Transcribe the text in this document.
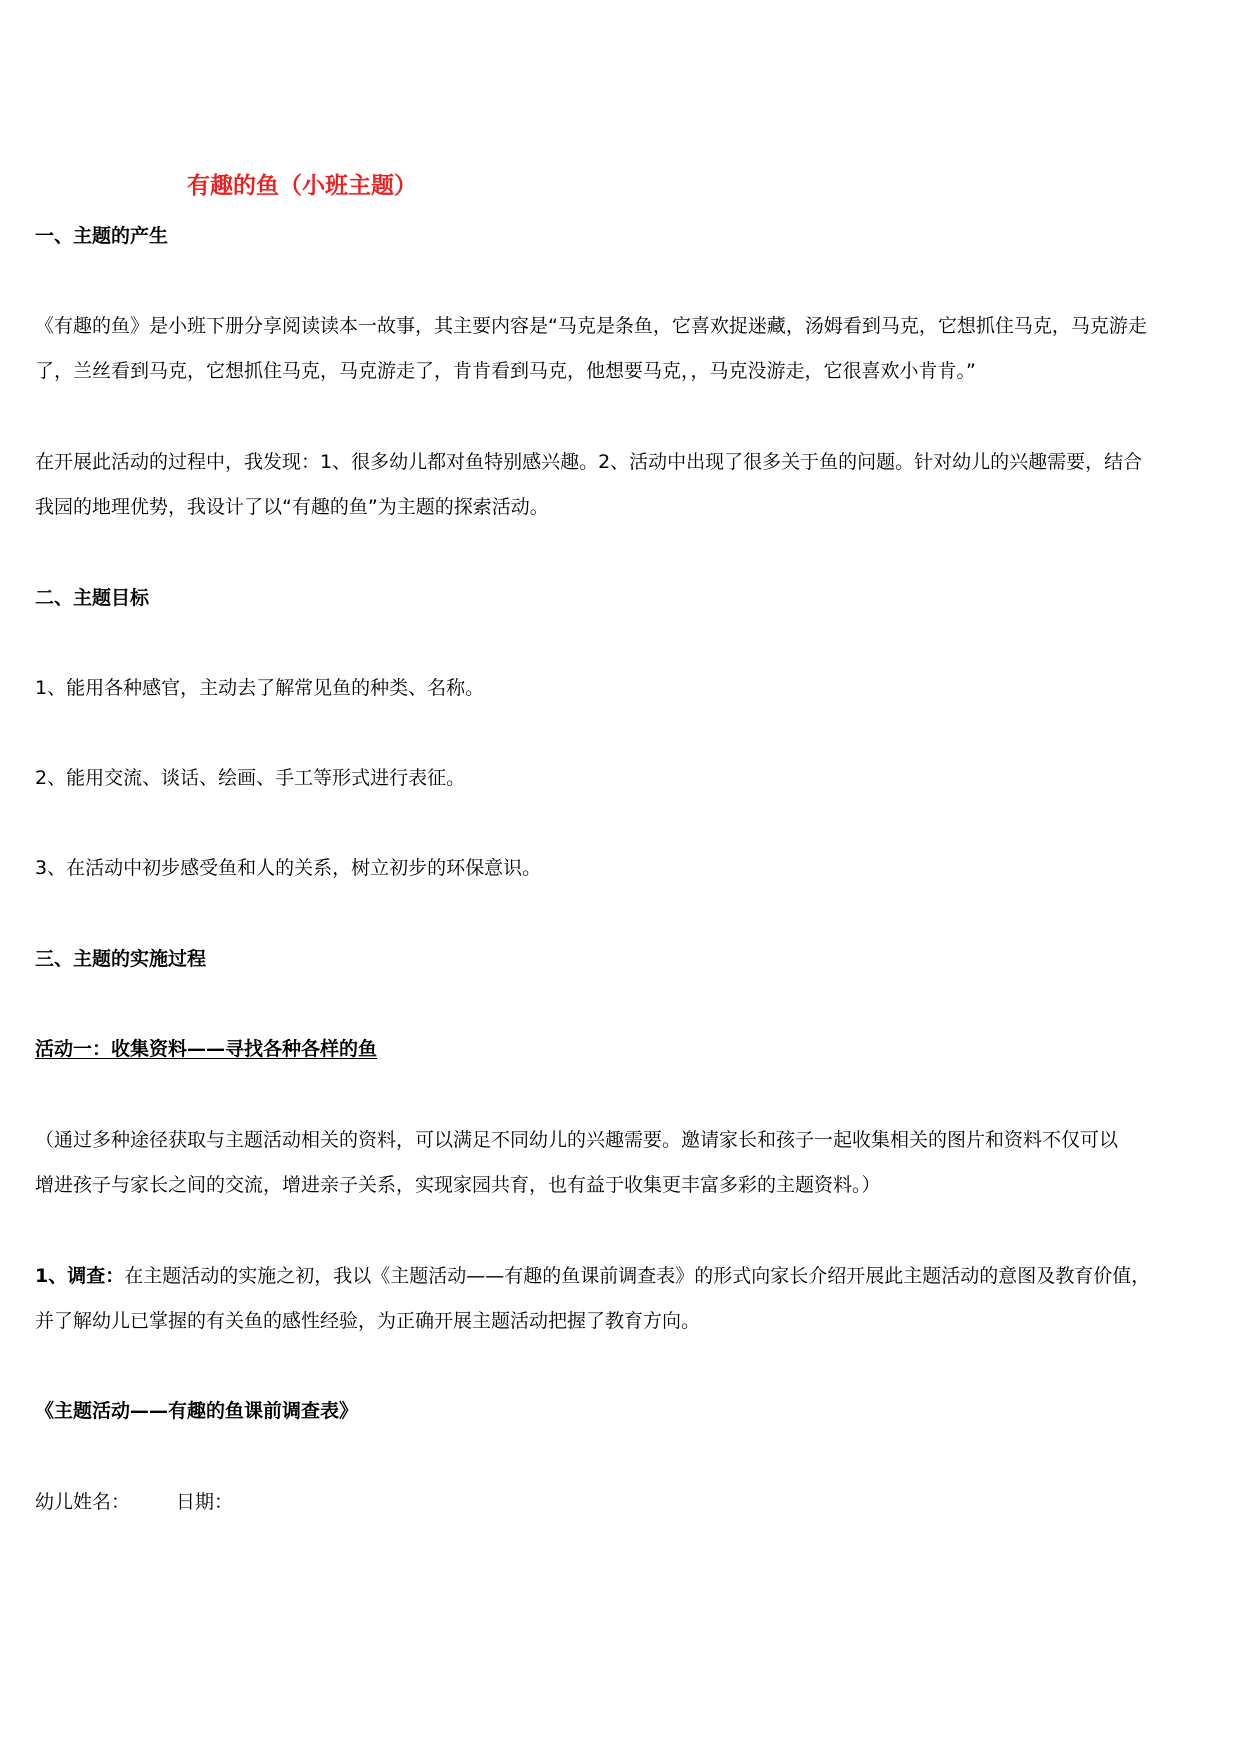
有趣的鱼（小班主题）
一、主题的产生
《有趣的鱼》是小班下册分享阅读读本一故事，其主要内容是“马克是条鱼，它喜欢捉迷藏，汤姆看到马克，它想抓住马克，马克游走
了，兰丝看到马克，它想抓住马克，马克游走了，肯肯看到马克，他想要马克，，马克没游走，它很喜欢小肯肯。”
在开展此活动的过程中，我发现：1、很多幼儿都对鱼特别感兴趣。2、活动中出现了很多关于鱼的问题。针对幼儿的兴趣需要，结合
我园的地理优势，我设计了以“有趣的鱼”为主题的探索活动。
二、主题目标
1、能用各种感官，主动去了解常见鱼的种类、名称。
2、能用交流、谈话、绘画、手工等形式进行表征。
3、在活动中初步感受鱼和人的关系，树立初步的环保意识。
三、主题的实施过程
活动一：收集资料——寻找各种各样的鱼
（通过多种途径获取与主题活动相关的资料，可以满足不同幼儿的兴趣需要。邀请家长和孩子一起收集相关的图片和资料不仅可以
增进孩子与家长之间的交流，增进亲子关系，实现家园共育，也有益于收集更丰富多彩的主题资料。）
1、调查：在主题活动的实施之初，我以《主题活动——有趣的鱼课前调查表》的形式向家长介绍开展此主题活动的意图及教育价值，
并了解幼儿已掌握的有关鱼的感性经验，为正确开展主题活动把握了教育方向。
《主题活动——有趣的鱼课前调查表》
幼儿姓名： 日期：
